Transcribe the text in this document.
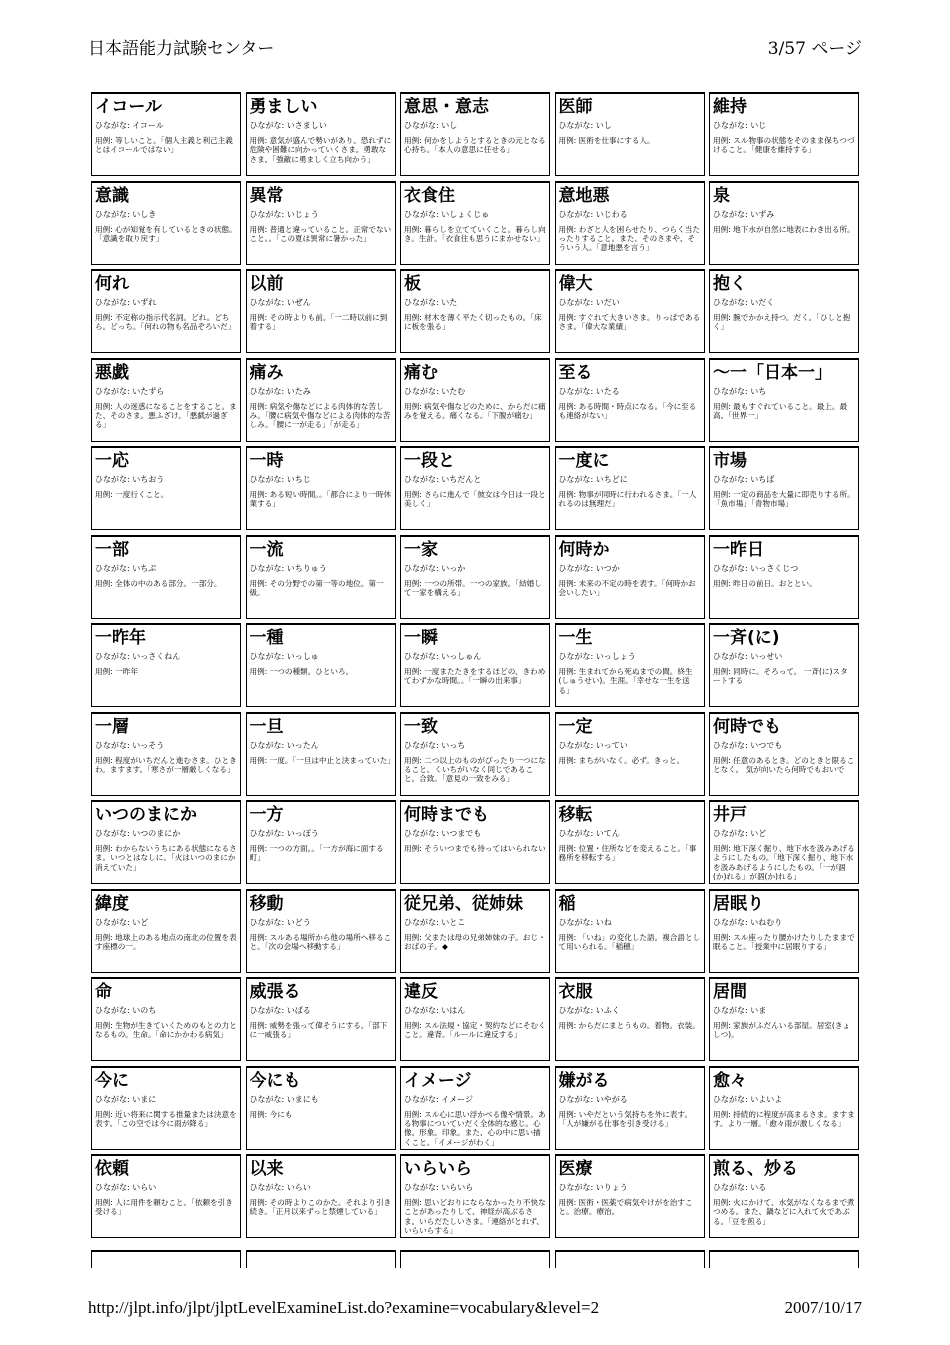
日本語能力試験センター	3/57 ページ
イコール
ひながな: イコール
用例: 等しいこと。「個人主義と利己主義とはイコールではない」
勇ましい
ひながな: いさましい
用例: 意気が盛んで勢いがあり、恐れずに危険や困難に向かっていくさま。勇敢なさま。「強敵に勇ましく立ち向かう」
意思・意志
ひながな: いし
用例: 何かをしようとするときの元となる心持ち。「本人の意思に任せる」
医師
ひながな: いし
用例: 医術を仕事にする人。
維持
ひながな: いじ
用例: スル物事の状態をそのまま保ちつづけること。「健康を維持する」
意識
ひながな: いしき
用例: 心が知覚を有しているときの状態。「意識を取り戻す」
異常
ひながな: いじょう
用例: 普通と違っていること。正常でないこと。。「この夏は異常に暑かった」
衣食住
ひながな: いしょくじゅ
用例: 暮らしを立てていくこと。暮らし向き。生計。「衣食住も思うにまかせない」
意地悪
ひながな: いじわる
用例: わざと人を困らせたり、つらく当たったりすること。また、そのさまや、そういう人。「意地悪を言う」
泉
ひながな: いずみ
用例: 地下水が自然に地表にわき出る所。
何れ
ひながな: いずれ
用例: 不定称の指示代名詞。どれ。どちら。どっち。「何れの物も名品ぞろいだ」
以前
ひながな: いぜん
用例: その時よりも前。「一二時以前に到着する」
板
ひながな: いた
用例: 材木を薄く平たく切ったもの。「床に板を張る」
偉大
ひながな: いだい
用例: すぐれて大きいさま。りっぱであるさま。「偉大な業績」
抱く
ひながな: いだく
用例: 腕でかかえ持つ。だく。「ひしと抱く」
悪戯
ひながな: いたずら
用例: 人の迷惑になることをすること。また、そのさま。悪ふざけ。「悪戯が過ぎる」
痛み
ひながな: いたみ
用例: 病気や傷などによる肉体的な苦しみ。「腰に病気や傷などによる肉体的な苦しみ。「腰に一が走る」「が走る」
痛む
ひながな: いたむ
用例: 病気や傷などのために、からだに痛みを覚える。痛くなる。「下腹が痛む」
至る
ひながな: いたる
用例: ある時間・時点になる。「今に至るも連絡がない」
～一「日本一」
ひながな: いち
用例: 最もすぐれていること。最上。最高。「世界一」
一応
ひながな: いちおう
用例: 一度行くこと。
一時
ひながな: いちじ
用例: ある短い時間。。「都合により一時休業する」
一段と
ひながな: いちだんと
用例: さらに進んで「彼女は今日は一段と美しく」
一度に
ひながな: いちどに
用例: 物事が同時に行われるさま。「一人れるのは無理だ」
市場
ひながな: いちば
用例: 一定の商品を大量に即売りする所。「魚市場」「青物市場」
一部
ひながな: いちぶ
用例: 全体の中のある部分。一部分。
一流
ひながな: いちりゅう
用例: その分野での第一等の地位。第一級。
一家
ひながな: いっか
用例: 一つの所帯。一つの家族。「結婚して一家を構える」
何時か
ひながな: いつか
用例: 未来の不定の時を表す。「何時かお会いしたい」
一昨日
ひながな: いっさくじつ
用例: 昨日の前日。おととい。
一昨年
ひながな: いっさくねん
用例: 一昨年
一種
ひながな: いっしゅ
用例: 一つの種類。ひといろ。
一瞬
ひながな: いっしゅん
用例: 一度またたきをするほどの、きわめてわずかな時間。。「一瞬の出来事」
一生
ひながな: いっしょう
用例: 生まれてから死ぬまでの間。終生(しゅうせい)。生涯。「幸せな一生を送る」
一斉(に)
ひながな: いっせい
用例: 同時に。そろって。 一斉(に)スタートする
一層
ひながな: いっそう
用例: 程度がいちだんと進むさま。ひときわ。ますます。「寒さが一層厳しくなる」
一旦
ひながな: いったん
用例: 一度。「一旦は中止と決まっていた」
一致
ひながな: いっち
用例: 二つ以上のものがぴったり一つになること。くいちがいなく同じであること。合致。「意見の一致をみる」
一定
ひながな: いってい
用例: まちがいなく。必ず。きっと。
何時でも
ひながな: いつでも
用例: 任意のあるとき。どのときと限ることなく。 気が向いたら何時でもおいで
いつのまにか
ひながな: いつのまにか
用例: わからないうちにある状態になるさま。いつとはなしに。「火はいつのまにか消えていた」
一方
ひながな: いっぽう
用例: 一つの方面。。「一方が海に面する町」
何時までも
ひながな: いつまでも
用例: そういつまでも待ってはいられない
移転
ひながな: いてん
用例: 位置・住所などを変えること。「事務所を移転する」
井戸
ひながな: いど
用例: 地下深く掘り、地下水を汲みあげるようにしたもの。「地下深く掘り、地下水を汲みあげるようにしたもの。「一が涸(か)れる」が涸(か)れる」
緯度
ひながな: いど
用例: 地球上のある地点の南北の位置を表す座標の一。
移動
ひながな: いどう
用例: スルある場所から他の場所へ移ること。「次の会場へ移動する」
従兄弟、従姉妹
ひながな: いとこ
用例: 父または母の兄弟姉妹の子。おじ・おばの子。◆
稲
ひながな: いね
用例: 「いね」の変化した語。複合語として用いられる。「稲穂」
居眠り
ひながな: いねむり
用例: スル座ったり腰かけたりしたままで眠ること。「授業中に居眠りする」
命
ひながな: いのち
用例: 生物が生きていくためのもとの力となるもの。生命。「命にかかわる病気」
威張る
ひながな: いばる
用例: 威勢を張って偉そうにする。「部下に一威張る」
違反
ひながな: いはん
用例: スル法規・協定・契約などにそむくこと。違背。「ルールに違反する」
衣服
ひながな: いふく
用例: からだにまとうもの。着物。衣装。
居間
ひながな: いま
用例: 家族がふだんいる部屋。居室(きょしつ)。
今に
ひながな: いまに
用例: 近い将来に関する推量または決意を表す。「この空では今に雨が降る」
今にも
ひながな: いまにも
用例: 今にも
イメージ
ひながな: イメージ
用例: スル心に思い浮かべる像や情景。ある物事についていだく全体的な感じ。心像。形象。印象。また、心の中に思い描くこと。「イメージがわく」
嫌がる
ひながな: いやがる
用例: いやだという気持ちを外に表す。「人が嫌がる仕事を引き受ける」
愈々
ひながな: いよいよ
用例: 持続的に程度が高まるさま。ますます。より一層。「愈々雨が激しくなる」
依頼
ひながな: いらい
用例: 人に用件を頼むこと。「依頼を引き受ける」
以来
ひながな: いらい
用例: その時よりこのかた。それより引き続き。「正月以来ずっと禁煙している」
いらいら
ひながな: いらいら
用例: 思いどおりにならなかったり不快なことがあったりして、神経が高ぶるさま。いらだたしいさま。「連絡がとれず、いらいらする」
医療
ひながな: いりょう
用例: 医術・医薬で病気やけがを治すこと。治療。療治。
煎る、炒る
ひながな: いる
用例: 火にかけて、水気がなくなるまで煮つめる。また、鍋などに入れて火であぶる。「豆を煎る」
http://jlpt.info/jlpt/jlptLevelExamineList.do?examine=vocabulary&level=2	2007/10/17
